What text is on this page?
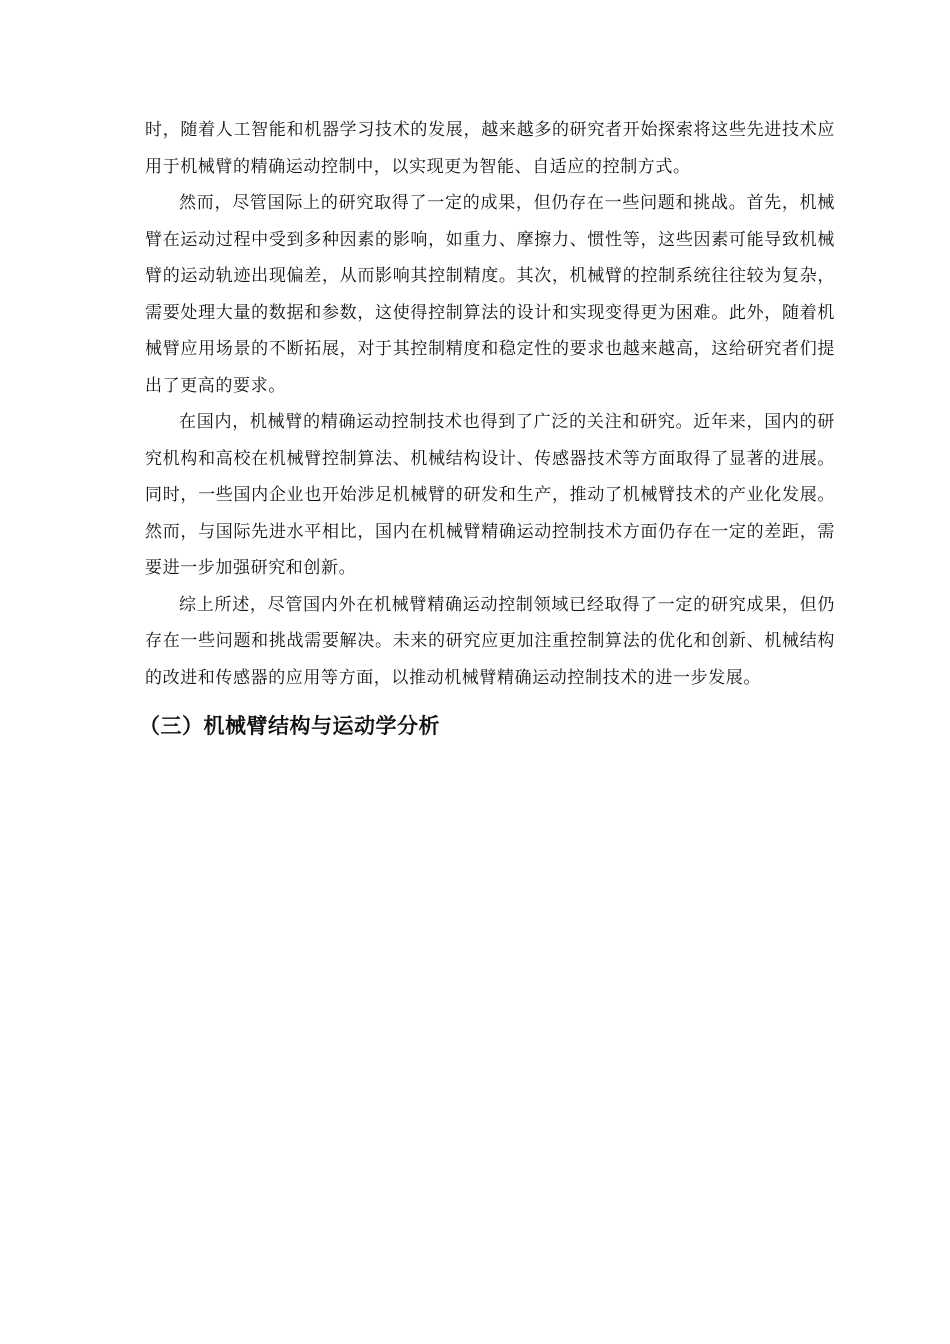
时，随着人工智能和机器学习技术的发展，越来越多的研究者开始探索将这些先进技术应用于机械臂的精确运动控制中，以实现更为智能、自适应的控制方式。

然而，尽管国际上的研究取得了一定的成果，但仍存在一些问题和挑战。首先，机械臂在运动过程中受到多种因素的影响，如重力、摩擦力、惯性等，这些因素可能导致机械臂的运动轨迹出现偏差，从而影响其控制精度。其次，机械臂的控制系统往往较为复杂，需要处理大量的数据和参数，这使得控制算法的设计和实现变得更为困难。此外，随着机械臂应用场景的不断拓展，对于其控制精度和稳定性的要求也越来越高，这给研究者们提出了更高的要求。

在国内，机械臂的精确运动控制技术也得到了广泛的关注和研究。近年来，国内的研究机构和高校在机械臂控制算法、机械结构设计、传感器技术等方面取得了显著的进展。同时，一些国内企业也开始涉足机械臂的研发和生产，推动了机械臂技术的产业化发展。然而，与国际先进水平相比，国内在机械臂精确运动控制技术方面仍存在一定的差距，需要进一步加强研究和创新。

综上所述，尽管国内外在机械臂精确运动控制领域已经取得了一定的研究成果，但仍存在一些问题和挑战需要解决。未来的研究应更加注重控制算法的优化和创新、机械结构的改进和传感器的应用等方面，以推动机械臂精确运动控制技术的进一步发展。

（三）机械臂结构与运动学分析
